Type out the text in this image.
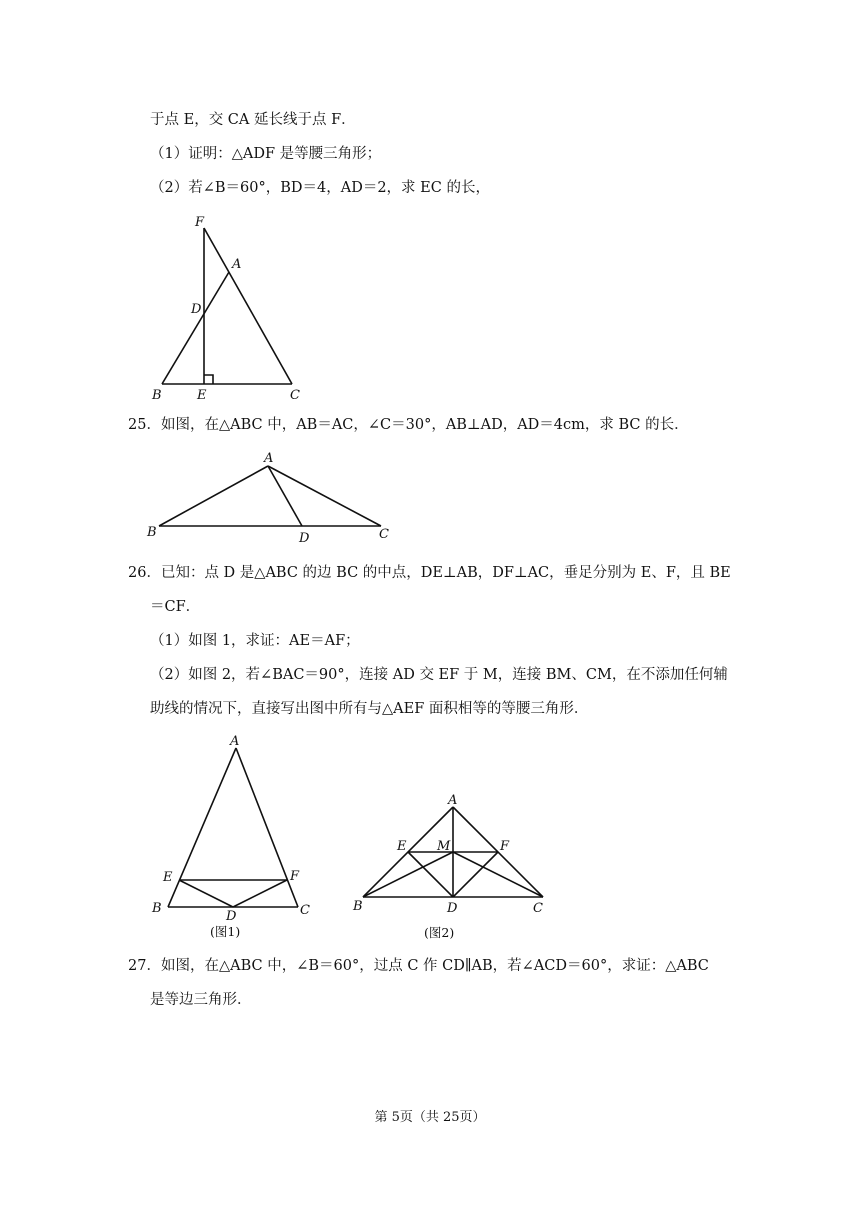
于点 E，交 CA 延长线于点 F．
（1）证明：△ADF 是等腰三角形；
（2）若∠B＝60°，BD＝4，AD＝2，求 EC 的长，
F
A
D
B	E	C
25．如图，在△ABC 中，AB＝AC，∠C＝30°，AB⊥AD，AD＝4cm，求 BC 的长．
A
B	D	C
26．已知：点 D 是△ABC 的边 BC 的中点，DE⊥AB，DF⊥AC，垂足分别为 E、F，且 BE
＝CF．
（1）如图 1，求证：AE＝AF；
（2）如图 2，若∠BAC＝90°，连接 AD 交 EF 于 M，连接 BM、CM，在不添加任何辅
助线的情况下，直接写出图中所有与△AEF 面积相等的等腰三角形．
A
E	F
B
D	C
(图1)
A
E M	F
B	D	C
(图2)
27．如图，在△ABC 中，∠B＝60°，过点 C 作 CD∥AB，若∠ACD＝60°，求证：△ABC
是等边三角形．
第 5页（共 25页）
